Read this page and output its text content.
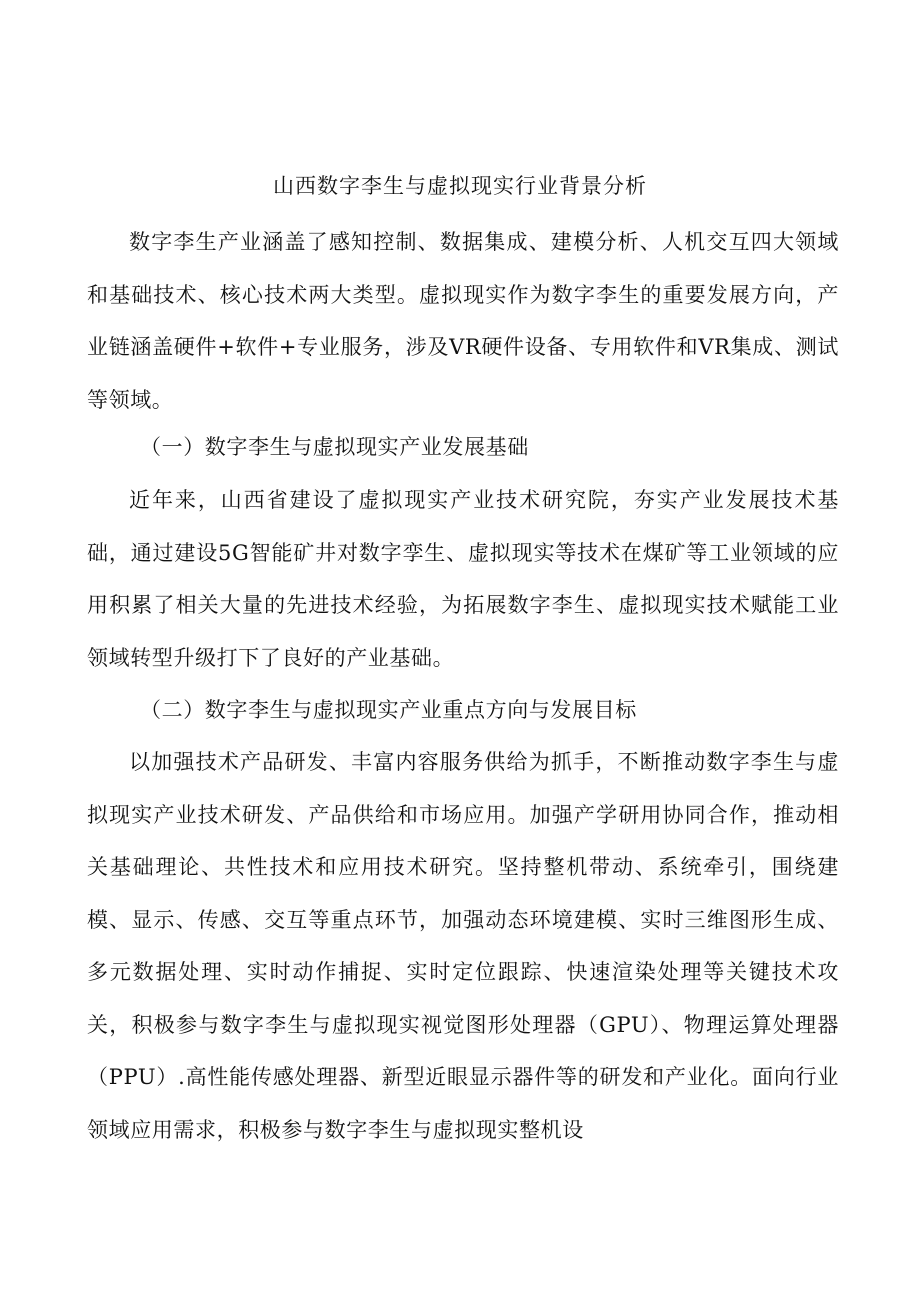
山西数字李生与虚拟现实行业背景分析

数字李生产业涵盖了感知控制、数据集成、建模分析、人机交互四大领域和基础技术、核心技术两大类型。虚拟现实作为数字李生的重要发展方向，产业链涵盖硬件+软件+专业服务，涉及VR硬件设备、专用软件和VR集成、测试等领域。

（一）数字李生与虚拟现实产业发展基础

近年来，山西省建设了虚拟现实产业技术研究院，夯实产业发展技术基础，通过建设5G智能矿井对数字孪生、虚拟现实等技术在煤矿等工业领域的应用积累了相关大量的先进技术经验，为拓展数字李生、虚拟现实技术赋能工业领域转型升级打下了良好的产业基础。

（二）数字李生与虚拟现实产业重点方向与发展目标

以加强技术产品研发、丰富内容服务供给为抓手，不断推动数字李生与虚拟现实产业技术研发、产品供给和市场应用。加强产学研用协同合作，推动相关基础理论、共性技术和应用技术研究。坚持整机带动、系统牵引，围绕建模、显示、传感、交互等重点环节，加强动态环境建模、实时三维图形生成、多元数据处理、实时动作捕捉、实时定位跟踪、快速渲染处理等关键技术攻关，积极参与数字李生与虚拟现实视觉图形处理器（GPU）、物理运算处理器（PPU）.高性能传感处理器、新型近眼显示器件等的研发和产业化。面向行业领域应用需求，积极参与数字李生与虚拟现实整机设
